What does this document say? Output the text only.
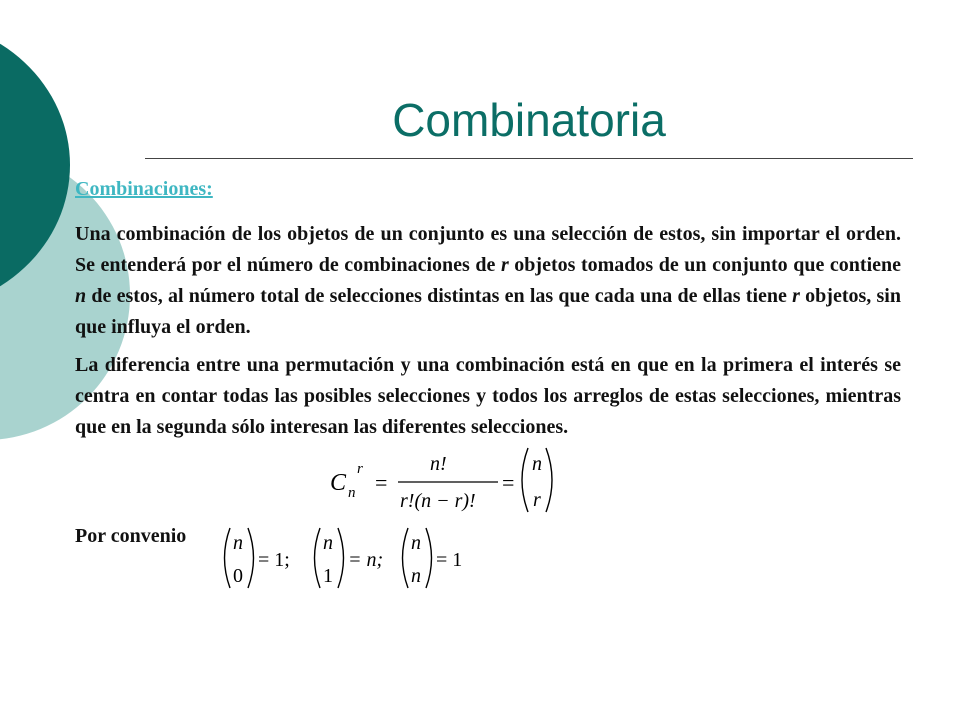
Combinatoria
Combinaciones:

Una combinación de los objetos de un conjunto es una selección de estos, sin importar el orden. Se entenderá por el número de combinaciones de r objetos tomados de un conjunto que contiene n de estos, al número total de selecciones distintas en las que cada una de ellas tiene r objetos, sin que influya el orden.

La diferencia entre una permutación y una combinación está en que en la primera el interés se centra en contar todas las posibles selecciones y todos los arreglos de estas selecciones, mientras que en la segunda sólo interesan las diferentes selecciones.

C n
r
=
n!
r!(n − r)!
=
n
r
Por convenio n
0
= 1;
n
1
= n;
n
n
= 1
